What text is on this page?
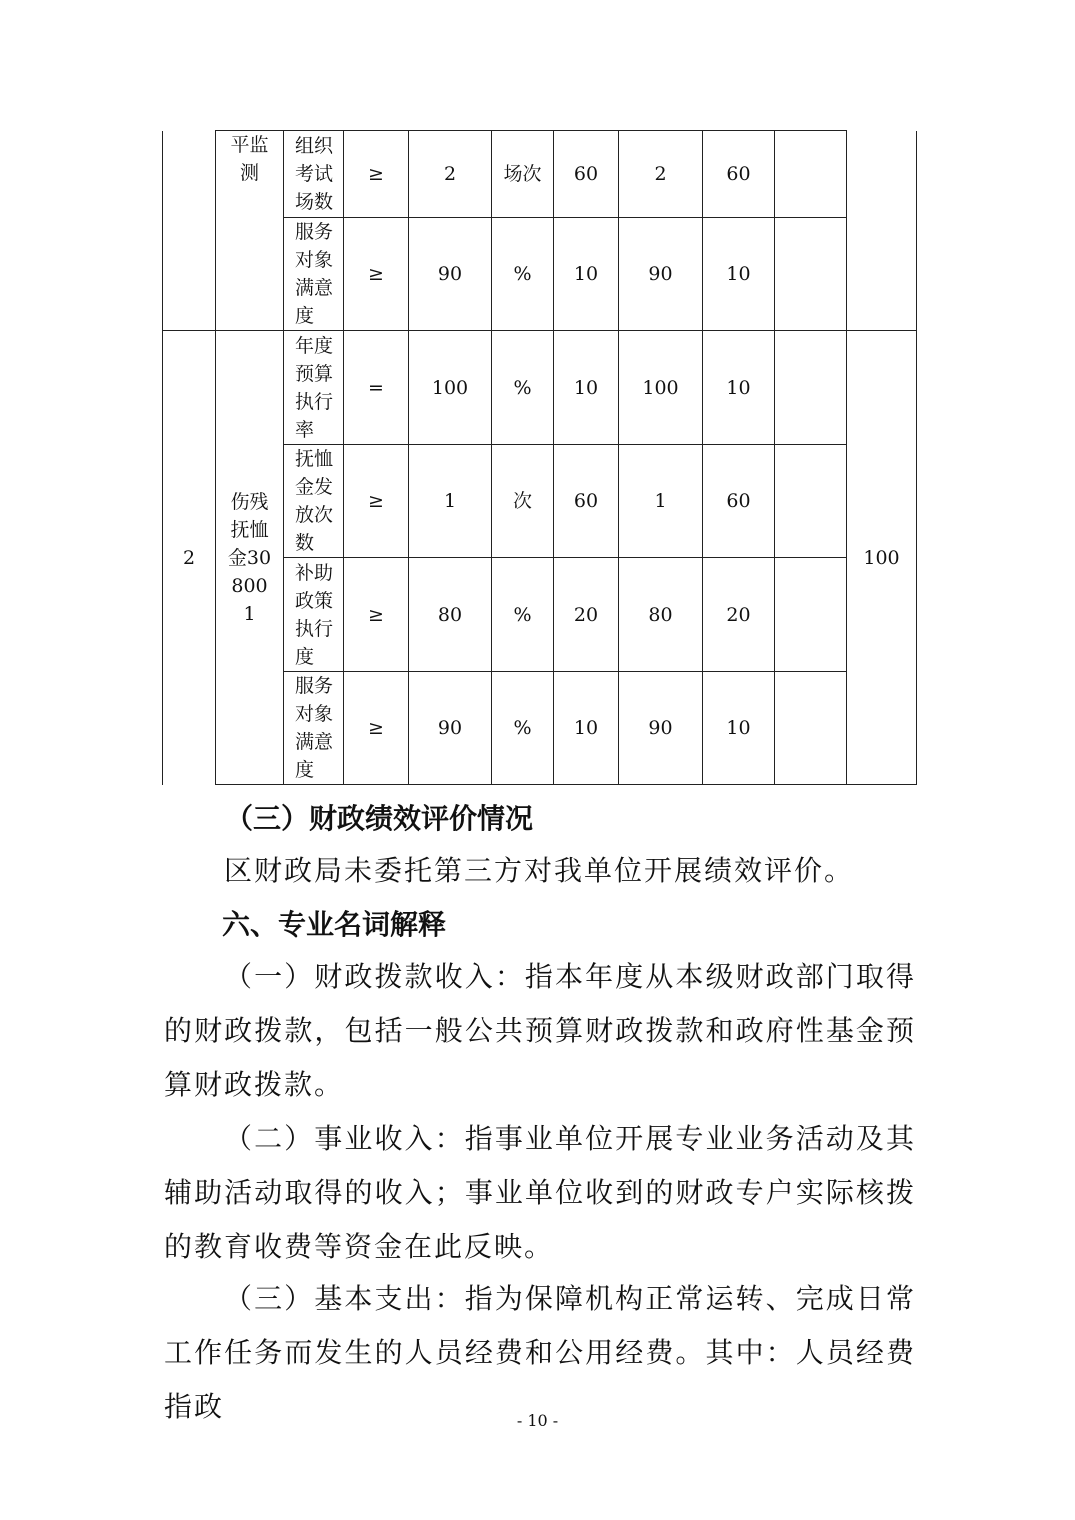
	平监测	组织考试场数	≥	2	场次	60	2	60		

		服务对象满意度	≥	90	%	10	90	10		
2	伤残抚恤金308001	年度预算执行率	=	100	%	10	100	10		100

		抚恤金发放次数	≥	1	次	60	1	60		

		补助政策执行度	≥	80	%	20	80	20		

		服务对象满意度	≥	90	%	10	90	10		
（三）财政绩效评价情况
区财政局未委托第三方对我单位开展绩效评价。
六、专业名词解释
（一）财政拨款收入：指本年度从本级财政部门取得的财政拨款，包括一般公共预算财政拨款和政府性基金预算财政拨款。
（二）事业收入：指事业单位开展专业业务活动及其辅助活动取得的收入；事业单位收到的财政专户实际核拨的教育收费等资金在此反映。
（三）基本支出：指为保障机构正常运转、完成日常工作任务而发生的人员经费和公用经费。其中：人员经费指政	- 10 -
